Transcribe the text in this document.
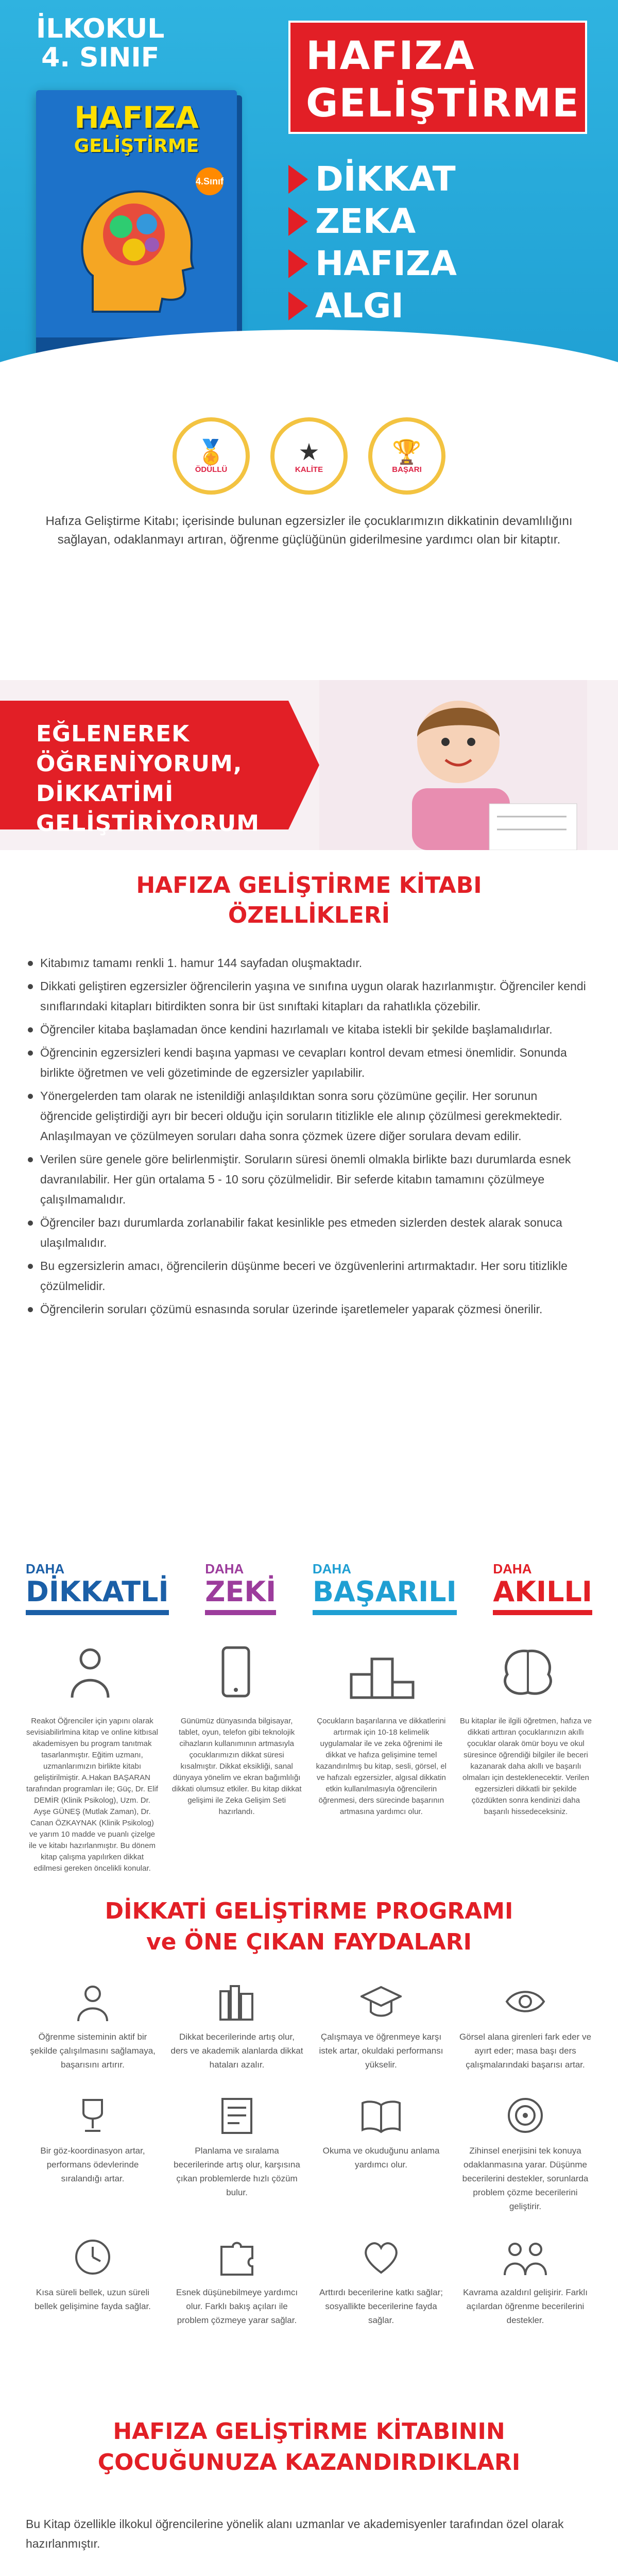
İLKOKUL
4. SINIF	HAFIZA
GELİŞTİRME
HAFIZA
GELİŞTİRME
4.Sınıf	DİKKAT
ZEKA
HAFIZA
ALGI
🏅
ÖDÜLLÜ
★
KALİTE
🏆
BAŞARI

Hafıza Geliştirme Kitabı; içerisinde bulunan egzersizler ile çocuklarımızın dikkatinin devamlılığını sağlayan, odaklanmayı artıran, öğrenme güçlüğünün giderilmesine yardımcı olan bir kitaptır.

EĞLENEREK
ÖĞRENİYORUM,
DİKKATİMİ
GELİŞTİRİYORUM
HAFIZA GELİŞTİRME KİTABI
ÖZELLİKLERİ
Kitabımız tamamı renkli 1. hamur 144 sayfadan oluşmaktadır.
Dikkati geliştiren egzersizler öğrencilerin yaşına ve sınıfına uygun olarak hazırlanmıştır. Öğrenciler kendi sınıflarındaki kitapları bitirdikten sonra bir üst sınıftaki kitapları da rahatlıkla çözebilir.
Öğrenciler kitaba başlamadan önce kendini hazırlamalı ve kitaba istekli bir şekilde başlamalıdırlar.
Öğrencinin egzersizleri kendi başına yapması ve cevapları kontrol devam etmesi önemlidir. Sonunda birlikte öğretmen ve veli gözetiminde de egzersizler yapılabilir.
Yönergelerden tam olarak ne istenildiği anlaşıldıktan sonra soru çözümüne geçilir. Her sorunun öğrencide geliştirdiği ayrı bir beceri olduğu için soruların titizlikle ele alınıp çözülmesi gerekmektedir. Anlaşılmayan ve çözülmeyen soruları daha sonra çözmek üzere diğer sorulara devam edilir.
Verilen süre genele göre belirlenmiştir. Soruların süresi önemli olmakla birlikte bazı durumlarda esnek davranılabilir. Her gün ortalama 5 - 10 soru çözülmelidir. Bir seferde kitabın tamamını çözülmeye çalışılmamalıdır.
Öğrenciler bazı durumlarda zorlanabilir fakat kesinlikle pes etmeden sizlerden destek alarak sonuca ulaşılmalıdır.
Bu egzersizlerin amacı, öğrencilerin düşünme beceri ve özgüvenlerini artırmaktadır. Her soru titizlikle çözülmelidir.
Öğrencilerin soruları çözümü esnasında sorular üzerinde işaretlemeler yaparak çözmesi önerilir.
DAHA
DİKKATLİ
DAHA
ZEKİ
DAHA
BAŞARILI
DAHA
AKILLI

Reakot Öğrenciler için yapını olarak sevisiabilirlmina kitap ve online kitbısal akademisyen bu program tanıtmak tasarlanmıştır. Eğitim uzmanı, uzmanlarımızın birlikte kitabı geliştirilmiştir. A.Hakan BAŞARAN tarafından programları ile; Güç, Dr. Elif DEMİR (Klinik Psikolog), Uzm. Dr. Ayşe GÜNEŞ (Mutlak Zaman), Dr. Canan ÖZKAYNAK (Klinik Psikolog) ve yarım 10 madde ve puanlı çizelge ile ve kitabı hazırlanmıştır. Bu dönem kitap çalışma yapılırken dikkat edilmesi gereken öncelikli konular.

Günümüz dünyasında bilgisayar, tablet, oyun, telefon gibi teknolojik cihazların kullanımının artmasıyla çocuklarımızın dikkat süresi kısalmıştır. Dikkat eksikliği, sanal dünyaya yönelim ve ekran bağımlılığı dikkati olumsuz etkiler. Bu kitap dikkat gelişimi ile Zeka Gelişim Seti hazırlandı.

Çocukların başarılarına ve dikkatlerini artırmak için 10-18 kelimelik uygulamalar ile ve zeka öğrenimi ile dikkat ve hafıza gelişimine temel kazandırılmış bu kitap, sesli, görsel, el ve hafızalı egzersizler, algısal dikkatin etkin kullanılmasıyla öğrencilerin öğrenmesi, ders sürecinde başarının artmasına yardımcı olur.

Bu kitaplar ile ilgili öğretmen, hafıza ve dikkati arttıran çocuklarınızın akıllı çocuklar olarak ömür boyu ve okul süresince öğrendiği bilgiler ile beceri kazanarak daha akıllı ve başarılı olmaları için desteklenecektir. Verilen egzersizleri dikkatli bir şekilde çözdükten sonra kendinizi daha başarılı hissedeceksiniz.

DİKKATİ GELİŞTİRME PROGRAMI
ve ÖNE ÇIKAN FAYDALARI

Öğrenme sisteminin aktif bir şekilde çalışılmasını sağlamaya, başarısını artırır.

Dikkat becerilerinde artış olur, ders ve akademik alanlarda dikkat hataları azalır.

Çalışmaya ve öğrenmeye karşı istek artar, okuldaki performansı yükselir.

Görsel alana girenleri fark eder ve ayırt eder; masa başı ders çalışmalarındaki başarısı artar.

Bir göz-koordinasyon artar, performans ödevlerinde sıralandığı artar.

Planlama ve sıralama becerilerinde artış olur, karşısına çıkan problemlerde hızlı çözüm bulur.

Okuma ve okuduğunu anlama yardımcı olur.

Zihinsel enerjisini tek konuya odaklanmasına yarar. Düşünme becerilerini destekler, sorunlarda problem çözme becerilerini geliştirir.

Kısa süreli bellek, uzun süreli bellek gelişimine fayda sağlar.

Esnek düşünebilmeye yardımcı olur. Farklı bakış açıları ile problem çözmeye yarar sağlar.

Arttırdı becerilerine katkı sağlar; sosyallikte becerilerine fayda sağlar.

Kavrama azaldırıl gelişirir. Farklı açılardan öğrenme becerilerini destekler.

HAFIZA GELİŞTİRME KİTABININ
ÇOCUĞUNUZA KAZANDIRDIKLARI

Bu Kitap özellikle ilkokul öğrencilerine yönelik alanı uzmanlar ve akademisyenler tarafından özel olarak hazırlanmıştır.
